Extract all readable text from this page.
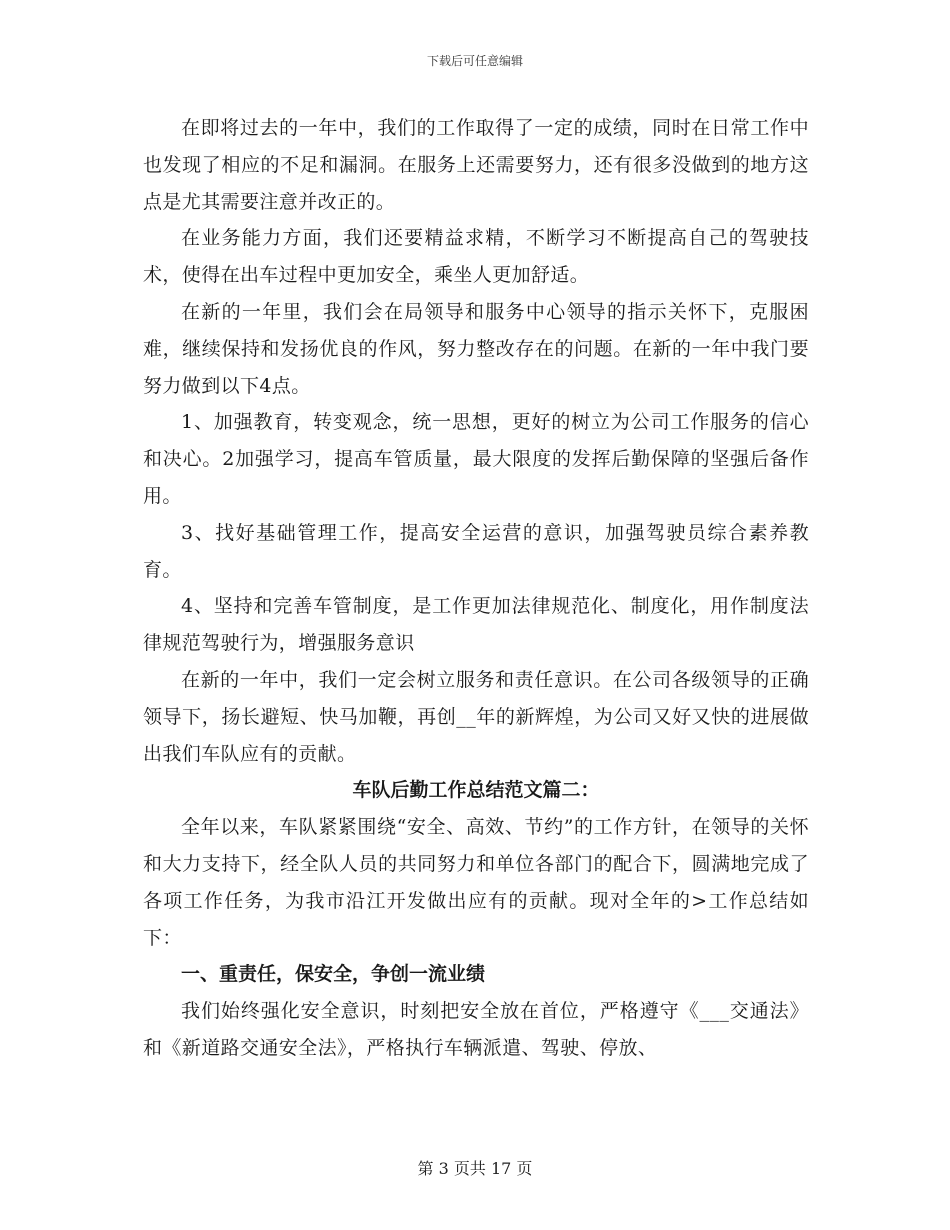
下载后可任意编辑

在即将过去的一年中，我们的工作取得了一定的成绩，同时在日常工作中也发现了相应的不足和漏洞。在服务上还需要努力，还有很多没做到的地方这点是尤其需要注意并改正的。

在业务能力方面，我们还要精益求精，不断学习不断提高自己的驾驶技术，使得在出车过程中更加安全，乘坐人更加舒适。

在新的一年里，我们会在局领导和服务中心领导的指示关怀下，克服困难，继续保持和发扬优良的作风，努力整改存在的问题。在新的一年中我门要努力做到以下4点。

1、加强教育，转变观念，统一思想，更好的树立为公司工作服务的信心和决心。2加强学习，提高车管质量，最大限度的发挥后勤保障的坚强后备作用。

3、找好基础管理工作，提高安全运营的意识，加强驾驶员综合素养教育。

4、坚持和完善车管制度，是工作更加法律规范化、制度化，用作制度法律规范驾驶行为，增强服务意识

在新的一年中，我们一定会树立服务和责任意识。在公司各级领导的正确领导下，扬长避短、快马加鞭，再创__年的新辉煌，为公司又好又快的进展做出我们车队应有的贡献。

车队后勤工作总结范文篇二：

全年以来，车队紧紧围绕“安全、高效、节约”的工作方针，在领导的关怀和大力支持下，经全队人员的共同努力和单位各部门的配合下，圆满地完成了各项工作任务，为我市沿江开发做出应有的贡献。现对全年的>工作总结如下：

一、重责任，保安全，争创一流业绩

我们始终强化安全意识，时刻把安全放在首位，严格遵守《___交通法》和《新道路交通安全法》，严格执行车辆派遣、驾驶、停放、

第 3 页共 17 页
